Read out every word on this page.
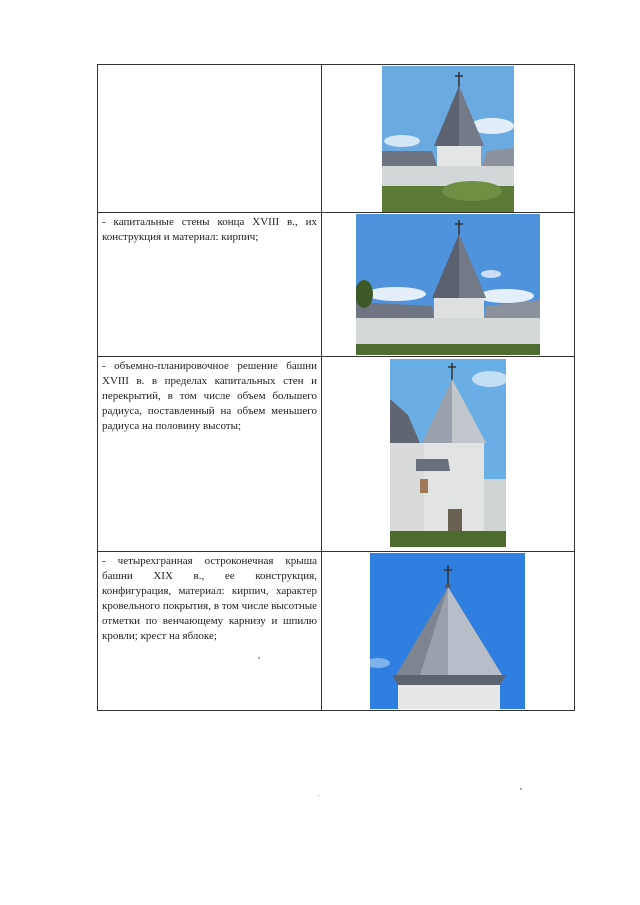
- капитальные стены конца XVIII в., их конструкция и материал: кирпич;
- объемно-планировочное решение башни XVIII в. в пределах капитальных стен и перекрытий, в том числе объем большего радиуса, поставленный на объем меньшего радиуса на половину высоты;
- четырехгранная остроконечная крыша башни XIX в., ее конструкция, конфигурация, материал: кирпич, характер кровельного покрытия, в том числе высотные отметки по венчающему карнизу и шпилю кровли; крест на яблоке;
